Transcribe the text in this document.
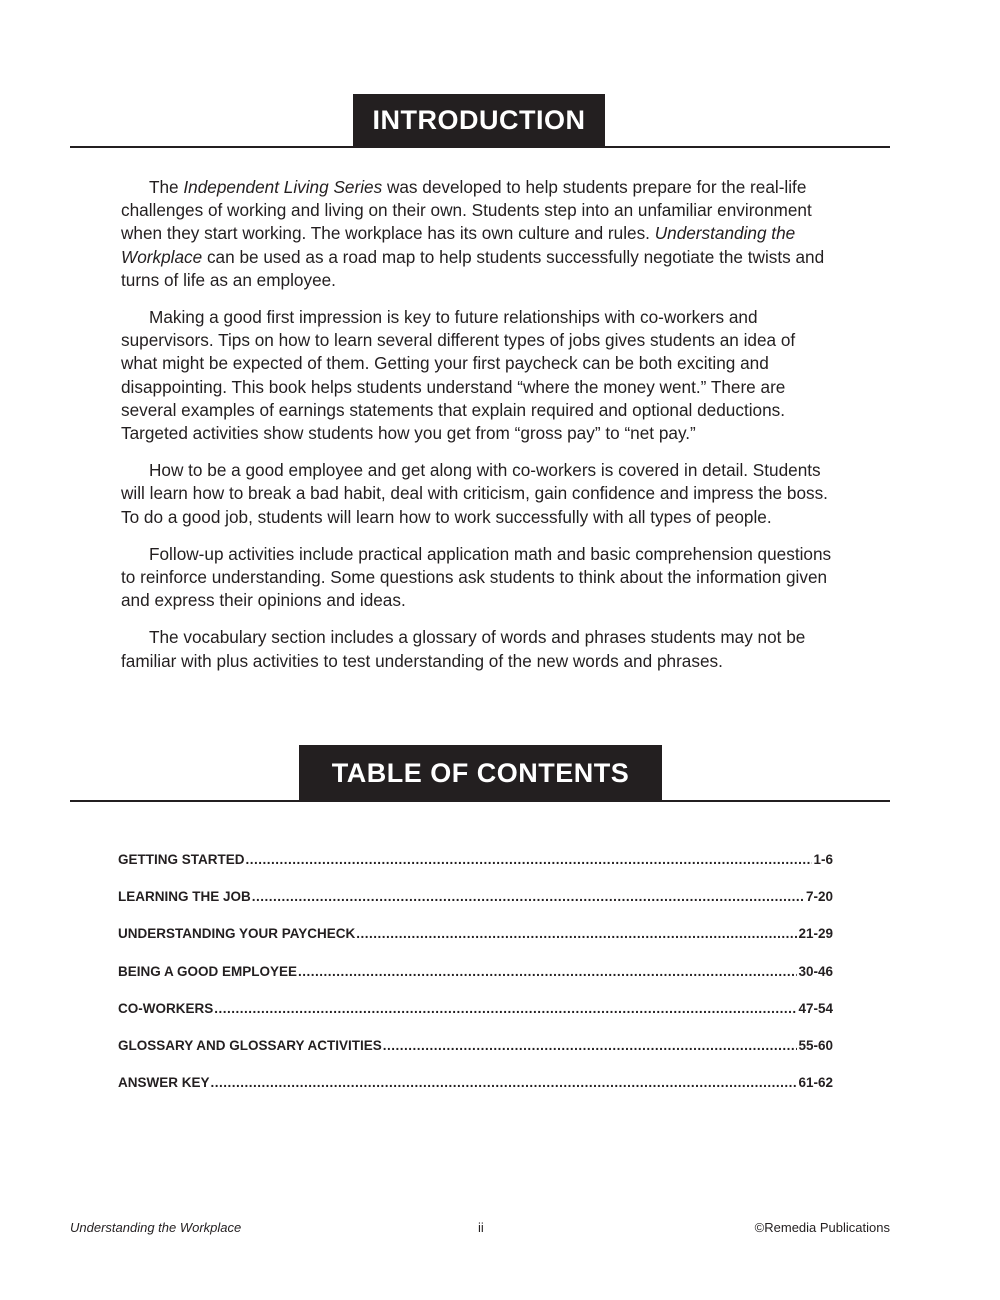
INTRODUCTION

The Independent Living Series was developed to help students prepare for the real-life challenges of working and living on their own. Students step into an unfamiliar environment when they start working. The workplace has its own culture and rules. Understanding the Workplace can be used as a road map to help students successfully negotiate the twists and turns of life as an employee.

Making a good first impression is key to future relationships with co-workers and supervisors. Tips on how to learn several different types of jobs gives students an idea of what might be expected of them. Getting your first paycheck can be both exciting and disappointing. This book helps students understand “where the money went.” There are several examples of earnings statements that explain required and optional deductions. Targeted activities show students how you get from “gross pay” to “net pay.”

How to be a good employee and get along with co-workers is covered in detail. Students will learn how to break a bad habit, deal with criticism, gain confidence and impress the boss. To do a good job, students will learn how to work successfully with all types of people.

Follow-up activities include practical application math and basic comprehension questions to reinforce understanding. Some questions ask students to think about the information given and express their opinions and ideas.

The vocabulary section includes a glossary of words and phrases students may not be familiar with plus activities to test understanding of the new words and phrases.

TABLE OF CONTENTS
GETTING STARTED .....	1-6
LEARNING THE JOB .....	7-20
UNDERSTANDING YOUR PAYCHECK .....	21-29
BEING A GOOD EMPLOYEE .....	30-46
CO-WORKERS .....	47-54
GLOSSARY AND GLOSSARY ACTIVITIES .....	55-60
ANSWER KEY .....	61-62
Understanding the Workplace	ii	©Remedia Publications
